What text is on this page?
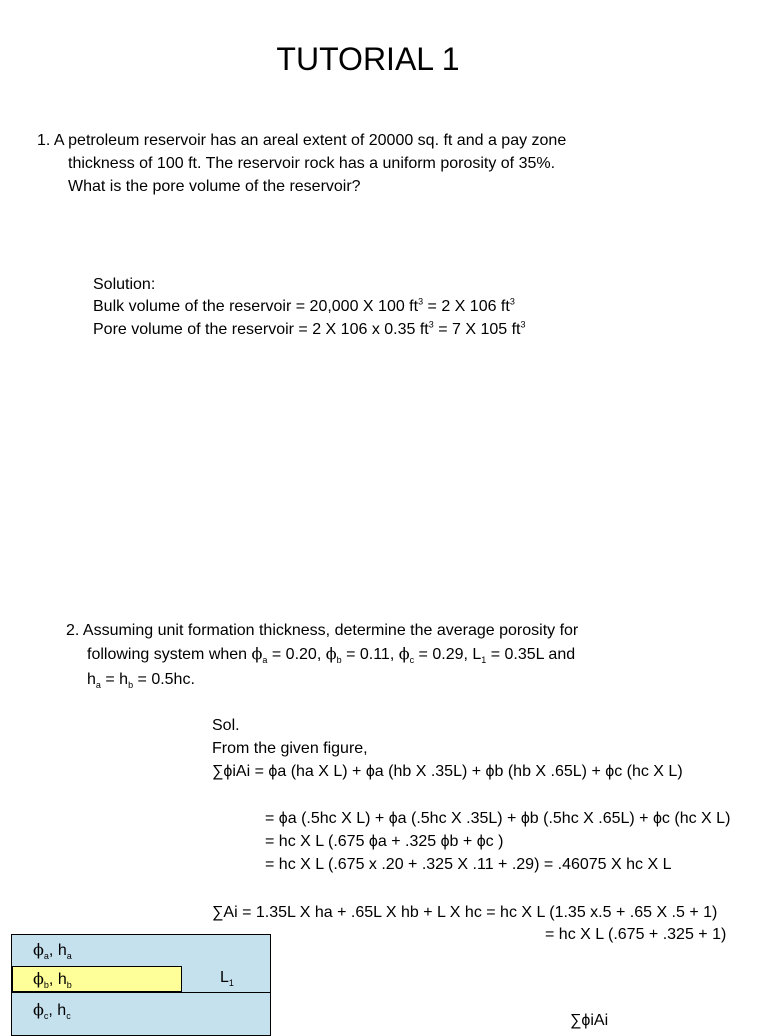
TUTORIAL 1
1. A petroleum reservoir has an areal extent of 20000 sq. ft and a pay zone
thickness of 100 ft. The reservoir rock has a uniform porosity of 35%.
What is the pore volume of the reservoir?
Solution:
Bulk volume of the reservoir = 20,000 X 100 $ft^3 = 2$ X 106 $ft^3$
Pore volume of the reservoir = 2 X 106 x 0.35 $ft^3 = 7$ X 105 $ft^3$
2. Assuming unit formation thickness, determine the average porosity for
following system when $\phi_a = 0.20$, $\phi_b = 0.11$, $\phi_c = 0.29$, $L_1 = 0.35L$ and
$h_a = h_b = 0.5hc$.
Sol.
From the given figure,
∑ϕiAi = ϕa (ha X L) + ϕa (hb X .35L) + ϕb (hb X .65L) + ϕc (hc X L)
= ϕa (.5hc X L) + ϕa (.5hc X .35L) + ϕb (.5hc X .65L) + ϕc (hc X L)
= hc X L (.675 ϕa + .325 ϕb + ϕc )
= hc X L (.675 x .20 + .325 X .11 + .29) = .46075 X hc X L
∑Ai = 1.35L X ha + .65L X hb + L X hc = hc X L (1.35 x.5 + .65 X .5 + 1)
= hc X L (.675 + .325 + 1)
∑ϕiAi
$\phi_a$, $h_a$
$\phi_b$, $h_b$	$L_1$
$\phi_c$, $h_c$
